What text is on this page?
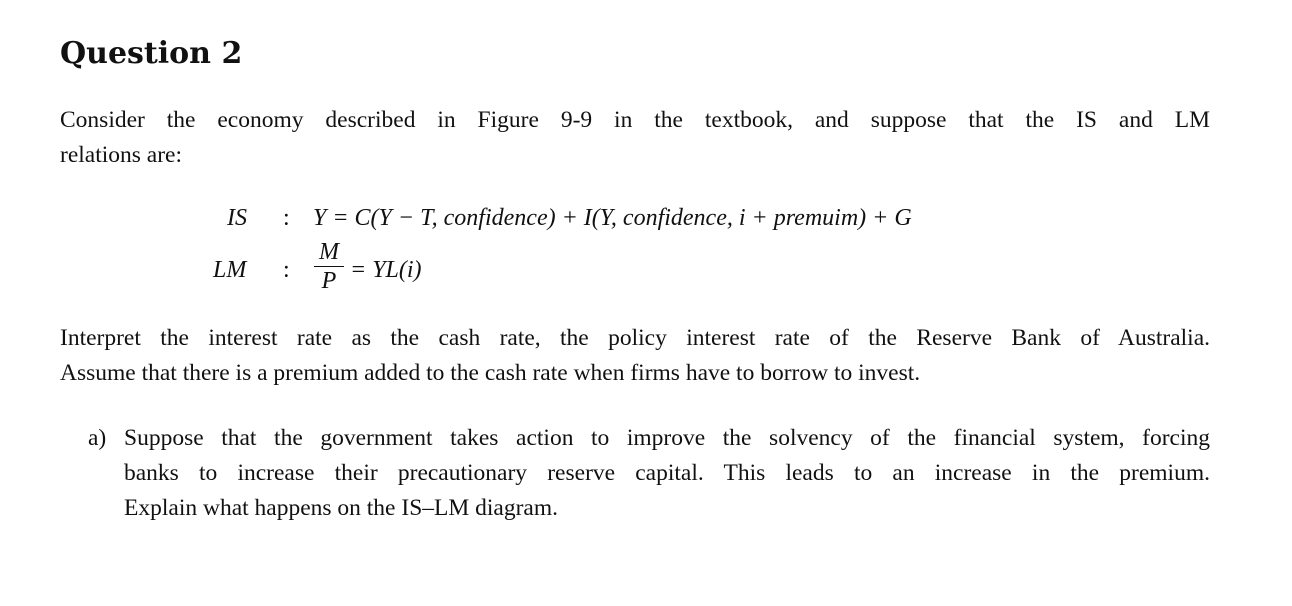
Question 2

Consider the economy described in Figure 9-9 in the textbook, and suppose that the IS and LM
relations are:

IS : Y = C(Y − T, confidence) + I(Y, confidence, i + premuim) + G
LM :
M
P = YL(i)

Interpret the interest rate as the cash rate, the policy interest rate of the Reserve Bank of Australia.
Assume that there is a premium added to the cash rate when firms have to borrow to invest.

a) Suppose that the government takes action to improve the solvency of the financial system, forcing
banks to increase their precautionary reserve capital. This leads to an increase in the premium.
Explain what happens on the IS–LM diagram.
